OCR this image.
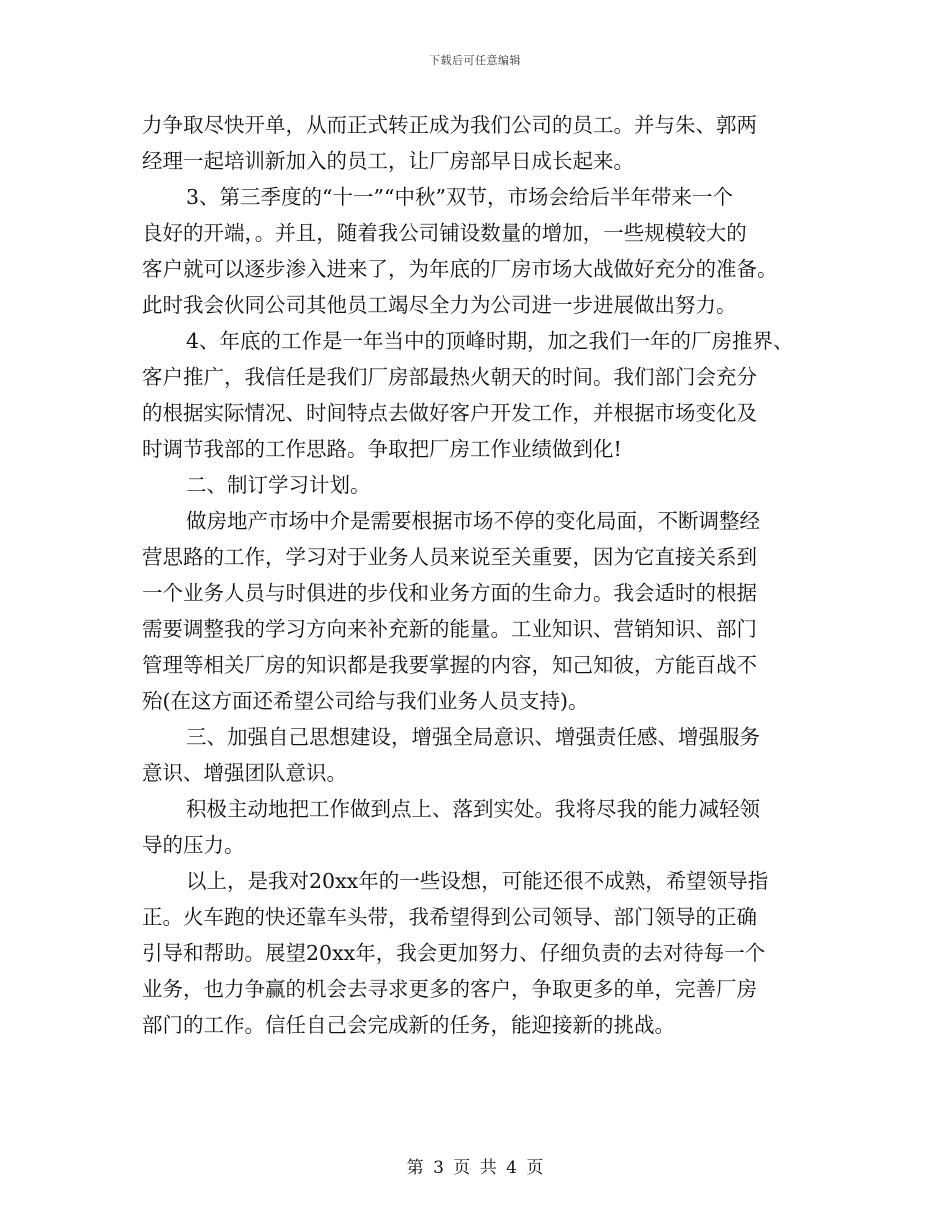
下载后可任意编辑
力争取尽快开单，从而正式转正成为我们公司的员工。并与朱、郭两
经理一起培训新加入的员工，让厂房部早日成长起来。
3、第三季度的“十一”“中秋”双节，市场会给后半年带来一个
良好的开端，。并且，随着我公司铺设数量的增加，一些规模较大的
客户就可以逐步渗入进来了，为年底的厂房市场大战做好充分的准备。
此时我会伙同公司其他员工竭尽全力为公司进一步进展做出努力。
4、年底的工作是一年当中的顶峰时期，加之我们一年的厂房推界、
客户推广，我信任是我们厂房部最热火朝天的时间。我们部门会充分
的根据实际情况、时间特点去做好客户开发工作，并根据市场变化及
时调节我部的工作思路。争取把厂房工作业绩做到化!
二、制订学习计划。
做房地产市场中介是需要根据市场不停的变化局面，不断调整经
营思路的工作，学习对于业务人员来说至关重要，因为它直接关系到
一个业务人员与时俱进的步伐和业务方面的生命力。我会适时的根据
需要调整我的学习方向来补充新的能量。工业知识、营销知识、部门
管理等相关厂房的知识都是我要掌握的内容，知己知彼，方能百战不
殆(在这方面还希望公司给与我们业务人员支持)。
三、加强自己思想建设，增强全局意识、增强责任感、增强服务
意识、增强团队意识。
积极主动地把工作做到点上、落到实处。我将尽我的能力减轻领
导的压力。
以上，是我对20xx年的一些设想，可能还很不成熟，希望领导指
正。火车跑的快还靠车头带，我希望得到公司领导、部门领导的正确
引导和帮助。展望20xx年，我会更加努力、仔细负责的去对待每一个
业务，也力争赢的机会去寻求更多的客户，争取更多的单，完善厂房
部门的工作。信任自己会完成新的任务，能迎接新的挑战。
第 3 页 共 4 页
